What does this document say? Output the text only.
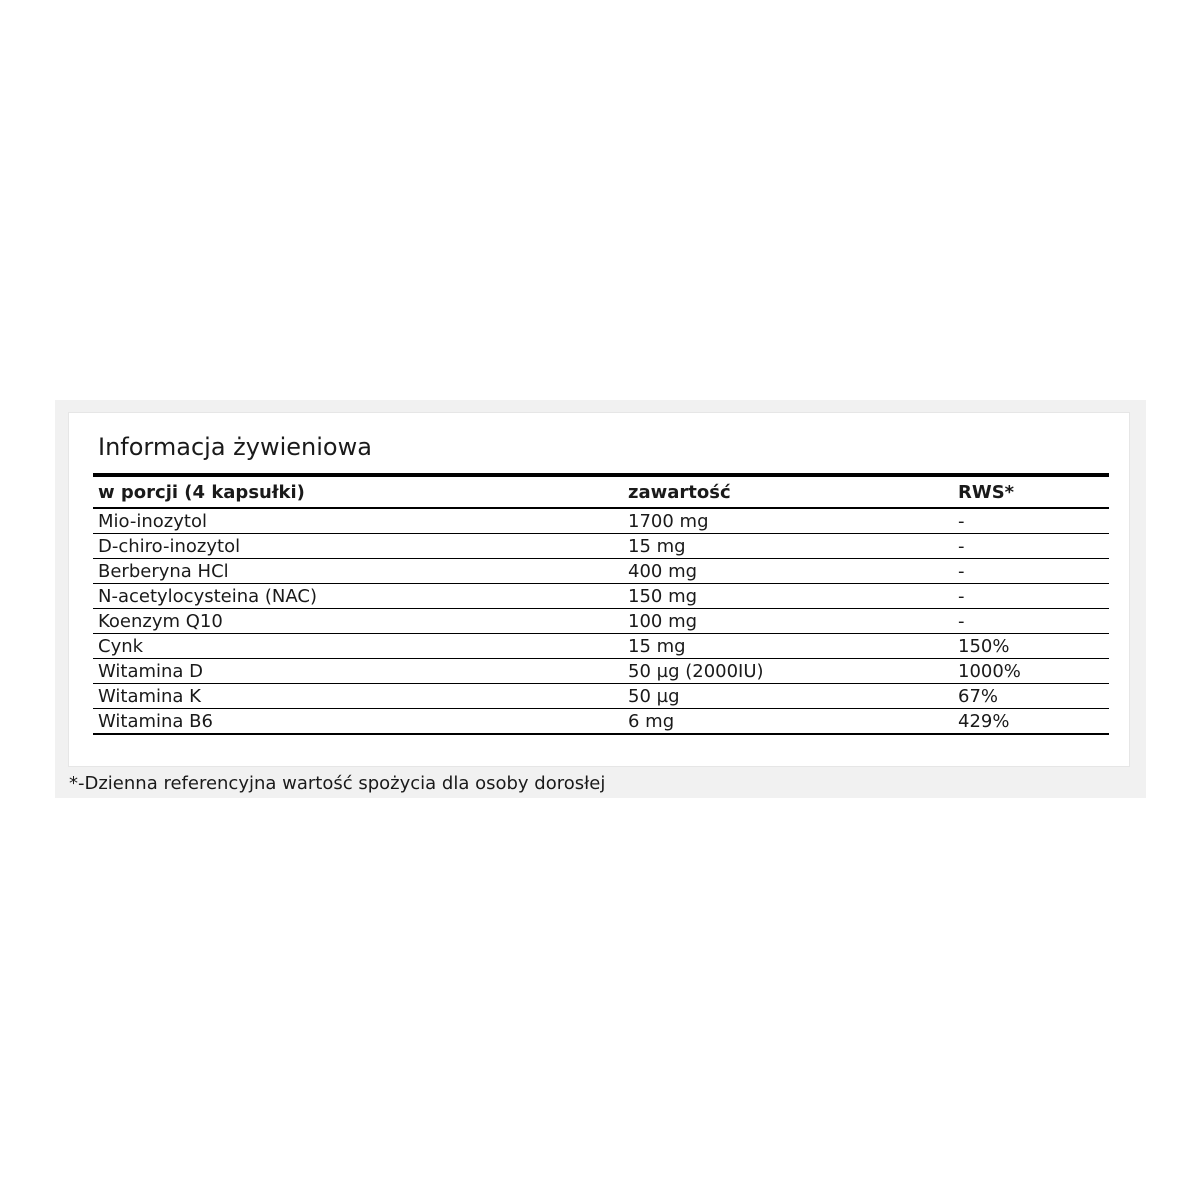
Informacja żywieniowa
w porcji (4 kapsułki)	zawartość	RWS*
Mio-inozytol	1700 mg	-
D-chiro-inozytol	15 mg	-
Berberyna HCl	400 mg	-
N-acetylocysteina (NAC)	150 mg	-
Koenzym Q10	100 mg	-
Cynk	15 mg	150%
Witamina D	50 µg (2000IU)	1000%
Witamina K	50 µg	67%
Witamina B6	6 mg	429%

*-Dzienna referencyjna wartość spożycia dla osoby dorosłej
